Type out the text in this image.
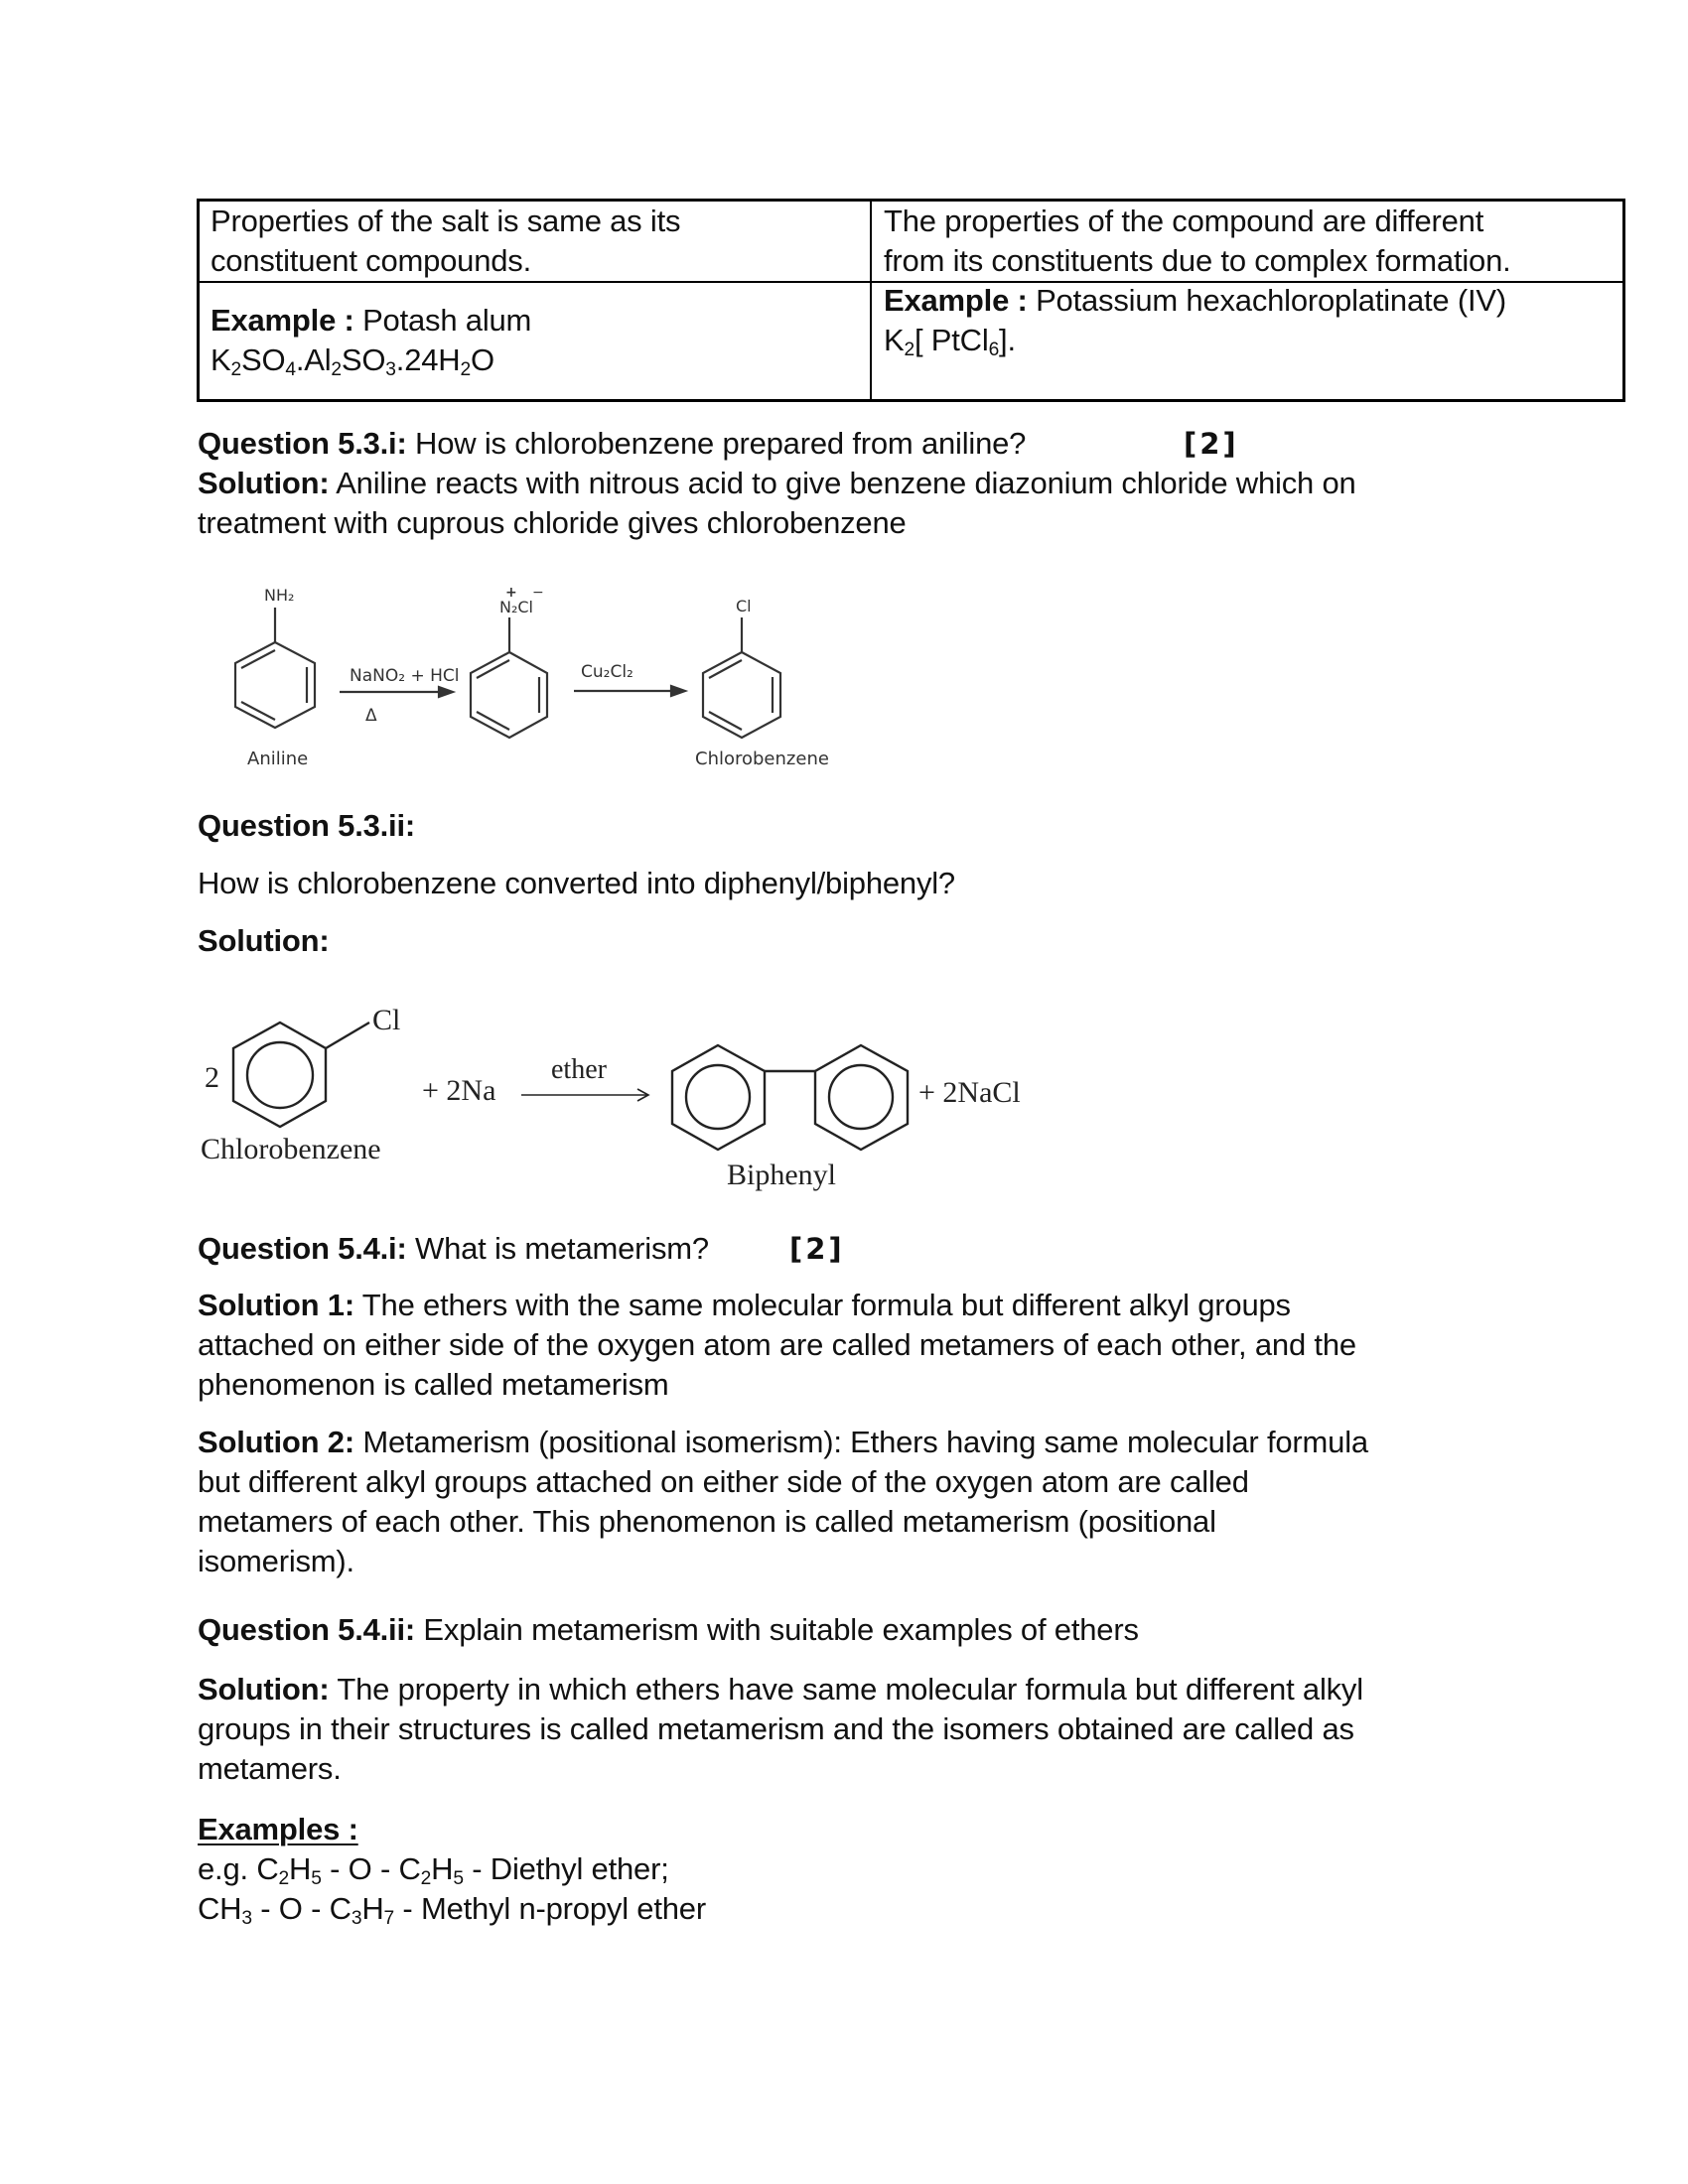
Properties of the salt is same as its
constituent compounds.
The properties of the compound are different
from its constituents due to complex formation.
Example : Potash alum
$K_2SO_4.Al_2SO_3.24H_2O$
Example : Potassium hexachloroplatinate (IV)
$K_2$[ PtCl$_6$].
Question 5.3.i: How is chlorobenzene prepared from aniline?	[2]
Solution: Aniline reacts with nitrous acid to give benzene diazonium chloride which on
treatment with cuprous chloride gives chlorobenzene
NH₂
Aniline
NaNO₂ + HCl
Δ
N₂Cl
+ −
Cu₂Cl₂
Cl
Chlorobenzene
2
Cl
Chlorobenzene
+ 2Na
ether
Biphenyl
+ 2NaCl
Question 5.3.ii:
How is chlorobenzene converted into diphenyl/biphenyl?
Solution:
Question 5.4.i: What is metamerism?	[2]
Solution 1: The ethers with the same molecular formula but different alkyl groups
attached on either side of the oxygen atom are called metamers of each other, and the
phenomenon is called metamerism
Solution 2: Metamerism (positional isomerism): Ethers having same molecular formula
but different alkyl groups attached on either side of the oxygen atom are called
metamers of each other. This phenomenon is called metamerism (positional
isomerism).
Question 5.4.ii: Explain metamerism with suitable examples of ethers
Solution: The property in which ethers have same molecular formula but different alkyl
groups in their structures is called metamerism and the isomers obtained are called as
metamers.
Examples :
e.g. $C_2H_5$ - O - $C_2H_5$ - Diethyl ether;
$CH_3$ - O - $C_3H_7$ - Methyl n-propyl ether
